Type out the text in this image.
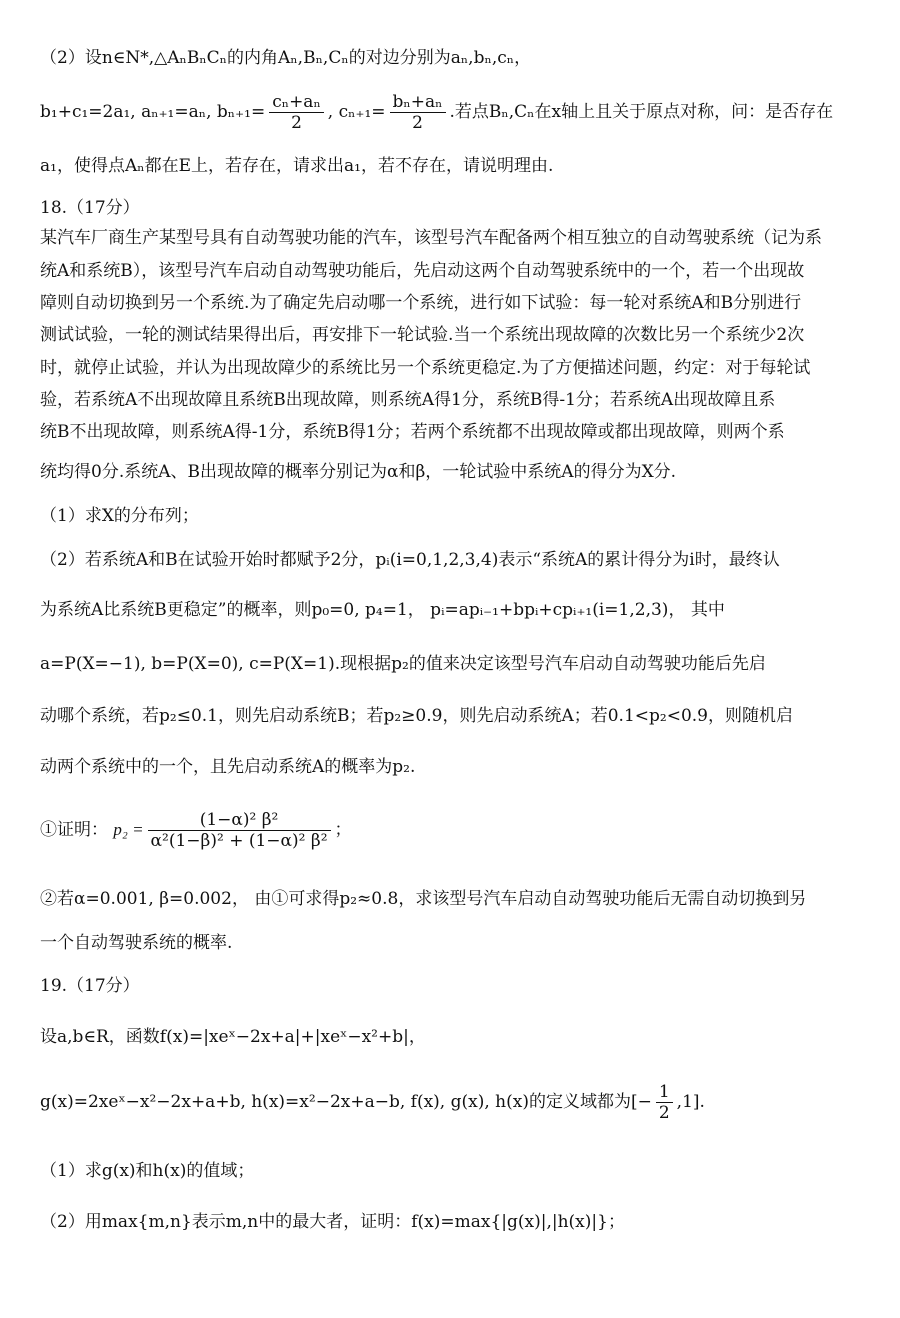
（2）设n∈N*,△AₙBₙCₙ的内角Aₙ,Bₙ,Cₙ的对边分别为aₙ,bₙ,cₙ，
b₁+c₁=2a₁, aₙ₊₁=aₙ, $b_{n+1}= \frac{\text{cₙ+aₙ}}{2}$ , $c_{n+1}= \frac{\text{bₙ+aₙ}}{2}$ .若点Bₙ,Cₙ在x轴上且关于原点对称，问：是否存在
a₁，使得点Aₙ都在E上，若存在，请求出a₁，若不存在，请说明理由.
18.（17分）
某汽车厂商生产某型号具有自动驾驶功能的汽车，该型号汽车配备两个相互独立的自动驾驶系统（记为系
统A和系统B），该型号汽车启动自动驾驶功能后，先启动这两个自动驾驶系统中的一个，若一个出现故
障则自动切换到另一个系统.为了确定先启动哪一个系统，进行如下试验：每一轮对系统A和B分别进行
测试试验，一轮的测试结果得出后，再安排下一轮试验.当一个系统出现故障的次数比另一个系统少2次
时，就停止试验，并认为出现故障少的系统比另一个系统更稳定.为了方便描述问题，约定：对于每轮试
验，若系统A不出现故障且系统B出现故障，则系统A得1分，系统B得-1分；若系统A出现故障且系
统B不出现故障，则系统A得-1分，系统B得1分；若两个系统都不出现故障或都出现故障，则两个系
统均得0分.系统A、B出现故障的概率分别记为α和β，一轮试验中系统A的得分为X分.
（1）求X的分布列；
（2）若系统A和B在试验开始时都赋予2分，pᵢ(i=0,1,2,3,4)表示“系统A的累计得分为i时，最终认
为系统A比系统B更稳定”的概率，则p₀=0, p₄=1， pᵢ=apᵢ₋₁+bpᵢ+cpᵢ₊₁(i=1,2,3)， 其中
a=P(X=−1), b=P(X=0), c=P(X=1).现根据p₂的值来决定该型号汽车启动自动驾驶功能后先启
动哪个系统，若p₂≤0.1，则先启动系统B；若p₂≥0.9，则先启动系统A；若0.1<p₂<0.9，则随机启
动两个系统中的一个，且先启动系统A的概率为p₂.
①证明： $p_2 = \frac{\text{(1−α)² β²}}{\text{α²(1−β)² + (1−α)² β²}}$ ；
②若α=0.001, β=0.002， 由①可求得p₂≈0.8，求该型号汽车启动自动驾驶功能后无需自动切换到另
一个自动驾驶系统的概率.
19.（17分）
设a,b∈R，函数f(x)=|xeˣ−2x+a|+|xeˣ−x²+b|，
g(x)=2xeˣ−x²−2x+a+b, h(x)=x²−2x+a−b, f(x), g(x), h(x)的定义域都为[− $\frac{1}{2} ,1$].
（1）求g(x)和h(x)的值域；
（2）用max{m,n}表示m,n中的最大者，证明：f(x)=max{|g(x)|,|h(x)|}；
